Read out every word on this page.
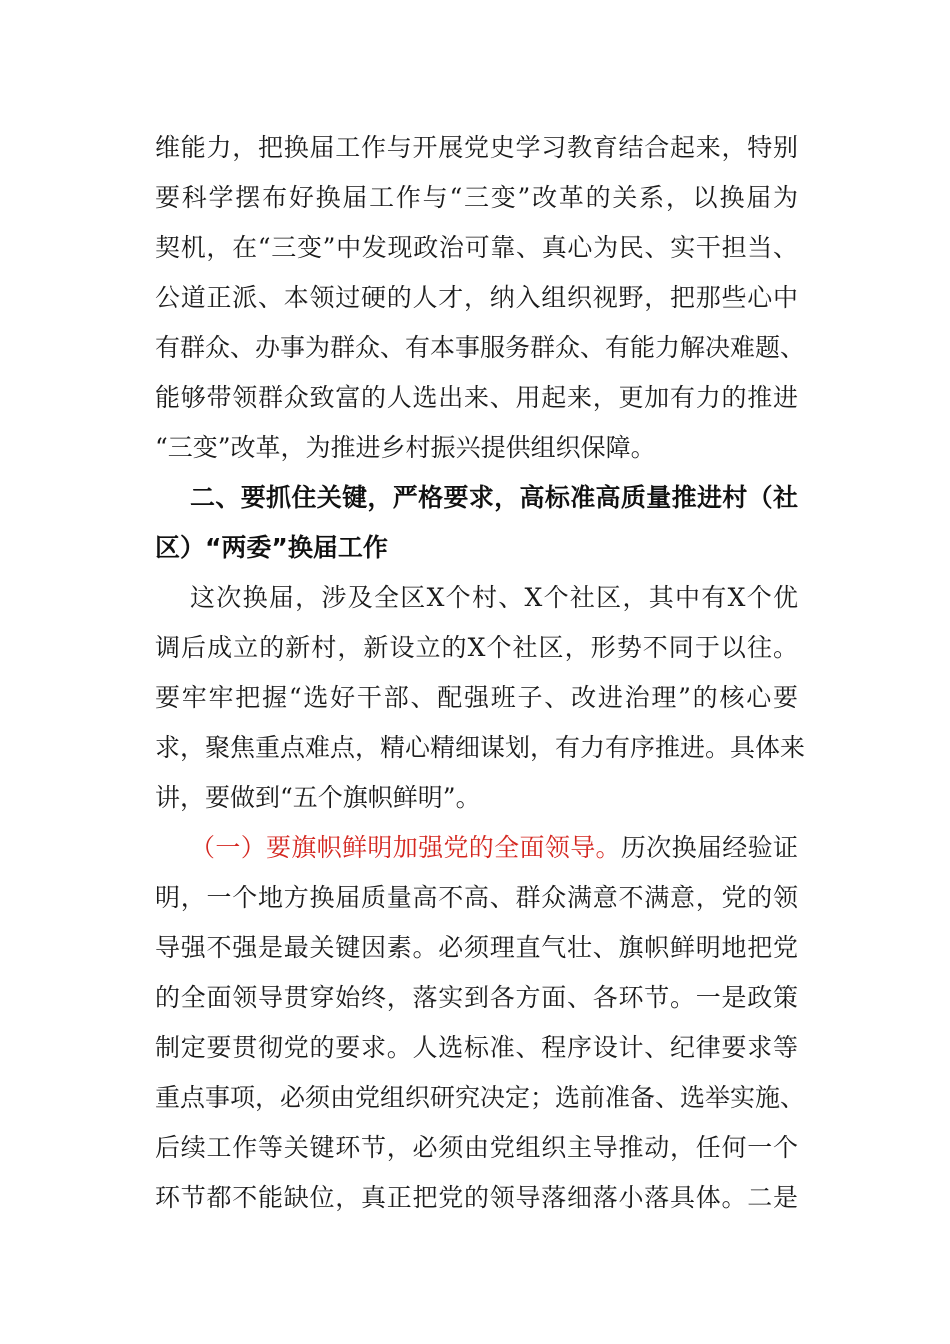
维能力，把换届工作与开展党史学习教育结合起来，特别
要科学摆布好换届工作与“三变”改革的关系，以换届为
契机，在“三变”中发现政治可靠、真心为民、实干担当、
公道正派、本领过硬的人才，纳入组织视野，把那些心中
有群众、办事为群众、有本事服务群众、有能力解决难题、
能够带领群众致富的人选出来、用起来，更加有力的推进
“三变”改革，为推进乡村振兴提供组织保障。
二、要抓住关键，严格要求，高标准高质量推进村（社
区）“两委”换届工作
这次换届，涉及全区X个村、X个社区，其中有X个优
调后成立的新村，新设立的X个社区，形势不同于以往。
要牢牢把握“选好干部、配强班子、改进治理”的核心要
求，聚焦重点难点，精心精细谋划，有力有序推进。具体来
讲，要做到“五个旗帜鲜明”。
（一）要旗帜鲜明加强党的全面领导。历次换届经验证
明，一个地方换届质量高不高、群众满意不满意，党的领
导强不强是最关键因素。必须理直气壮、旗帜鲜明地把党
的全面领导贯穿始终，落实到各方面、各环节。一是政策
制定要贯彻党的要求。人选标准、程序设计、纪律要求等
重点事项，必须由党组织研究决定；选前准备、选举实施、
后续工作等关键环节，必须由党组织主导推动，任何一个
环节都不能缺位，真正把党的领导落细落小落具体。二是
